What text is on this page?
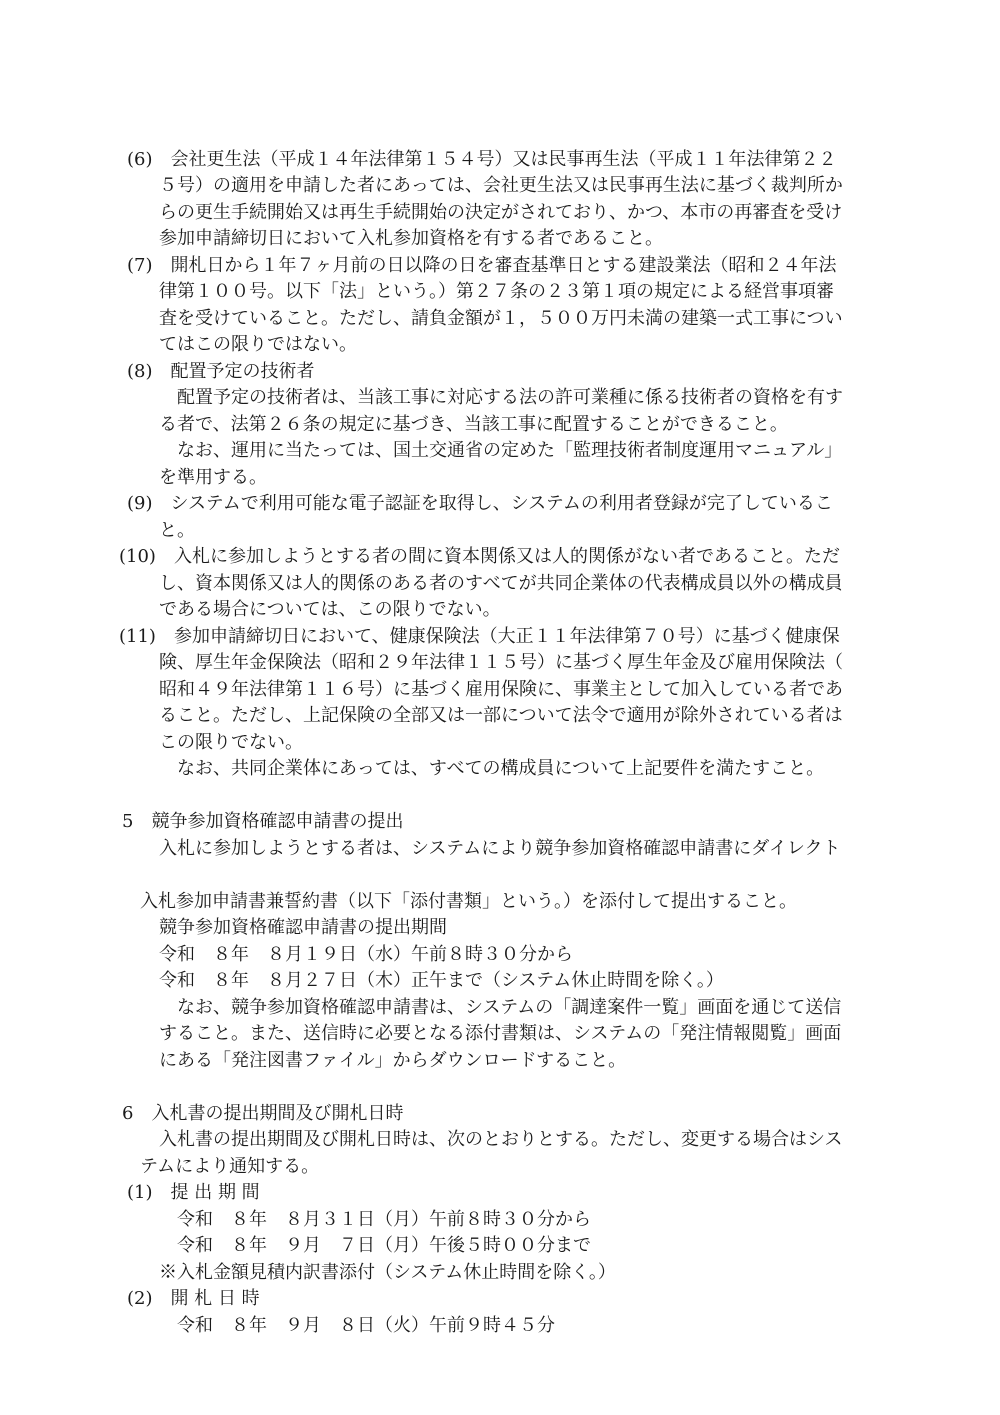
(6)　会社更生法（平成１４年法律第１５４号）又は民事再生法（平成１１年法律第２２
５号）の適用を申請した者にあっては、会社更生法又は民事再生法に基づく裁判所か
らの更生手続開始又は再生手続開始の決定がされており、かつ、本市の再審査を受け
参加申請締切日において入札参加資格を有する者であること。
(7)　開札日から１年７ヶ月前の日以降の日を審査基準日とする建設業法（昭和２４年法
律第１００号。以下「法」という。）第２７条の２３第１項の規定による経営事項審
査を受けていること。ただし、請負金額が１，５００万円未満の建築一式工事につい
てはこの限りではない。
(8)　配置予定の技術者
配置予定の技術者は、当該工事に対応する法の許可業種に係る技術者の資格を有す
る者で、法第２６条の規定に基づき、当該工事に配置することができること。
なお、運用に当たっては、国土交通省の定めた「監理技術者制度運用マニュアル」
を準用する。
(9)　システムで利用可能な電子認証を取得し、システムの利用者登録が完了しているこ
と。
(10)　入札に参加しようとする者の間に資本関係又は人的関係がない者であること。ただ
し、資本関係又は人的関係のある者のすべてが共同企業体の代表構成員以外の構成員
である場合については、この限りでない。
(11)　参加申請締切日において、健康保険法（大正１１年法律第７０号）に基づく健康保
険、厚生年金保険法（昭和２９年法律１１５号）に基づく厚生年金及び雇用保険法（
昭和４９年法律第１１６号）に基づく雇用保険に、事業主として加入している者であ
ること。ただし、上記保険の全部又は一部について法令で適用が除外されている者は
この限りでない。
なお、共同企業体にあっては、すべての構成員について上記要件を満たすこと。
5　競争参加資格確認申請書の提出
入札に参加しようとする者は、システムにより競争参加資格確認申請書にダイレクト
入札参加申請書兼誓約書（以下「添付書類」という。）を添付して提出すること。
競争参加資格確認申請書の提出期間
令和　８年　８月１９日（水）午前８時３０分から
令和　８年　８月２７日（木）正午まで（システム休止時間を除く。）
なお、競争参加資格確認申請書は、システムの「調達案件一覧」画面を通じて送信
すること。また、送信時に必要となる添付書類は、システムの「発注情報閲覧」画面
にある「発注図書ファイル」からダウンロードすること。
6　入札書の提出期間及び開札日時
入札書の提出期間及び開札日時は、次のとおりとする。ただし、変更する場合はシス
テムにより通知する。
(1)　提 出 期 間
令和　８年　８月３１日（月）午前８時３０分から
令和　８年　９月　７日（月）午後５時００分まで
※入札金額見積内訳書添付（システム休止時間を除く。）
(2)　開 札 日 時
令和　８年　９月　８日（火）午前９時４５分
